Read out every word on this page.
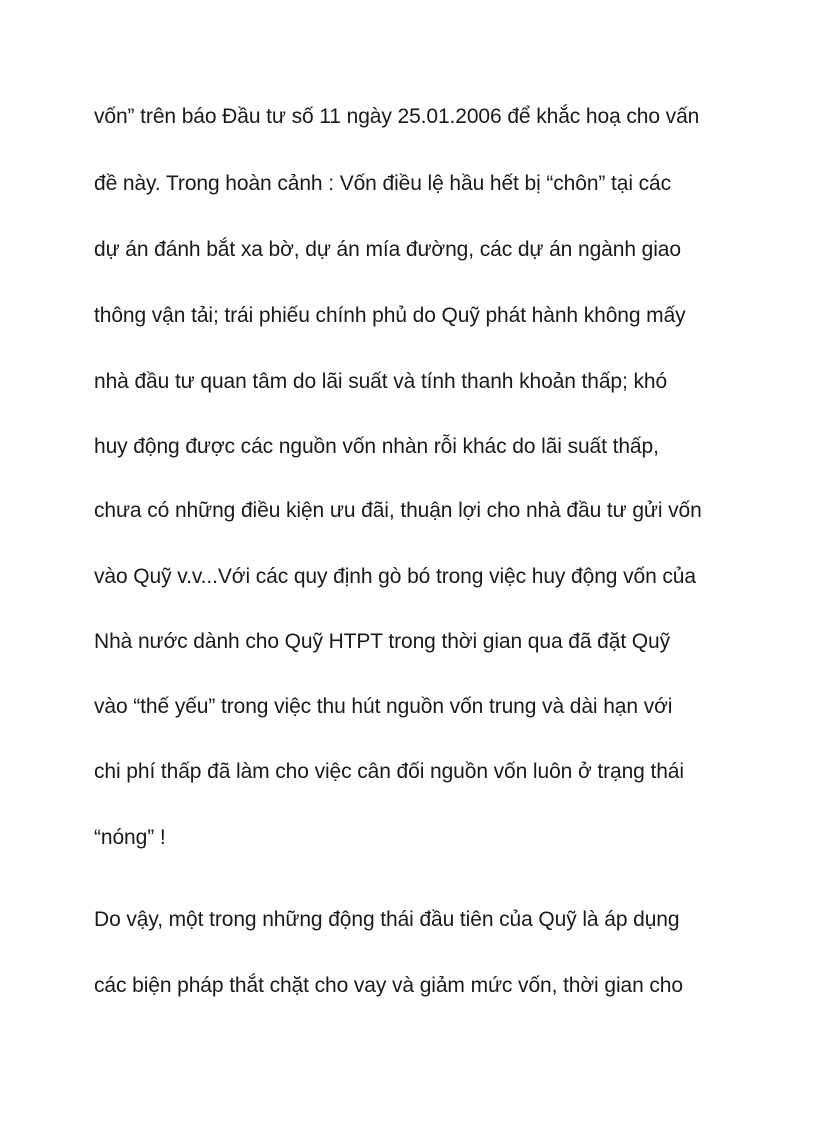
vốn” trên báo Đầu tư số 11 ngày 25.01.2006 để khắc hoạ cho vấn
đề này. Trong hoàn cảnh : Vốn điều lệ hầu hết bị “chôn” tại các
dự án đánh bắt xa bờ, dự án mía đường, các dự án ngành giao
thông vận tải; trái phiếu chính phủ do Quỹ phát hành không mấy
nhà đầu tư quan tâm do lãi suất và tính thanh khoản thấp; khó
huy động được các nguồn vốn nhàn rỗi khác do lãi suất thấp,
chưa có những điều kiện ưu đãi, thuận lợi cho nhà đầu tư gửi vốn
vào Quỹ v.v...Với các quy định gò bó trong việc huy động vốn của
Nhà nước dành cho Quỹ HTPT trong thời gian qua đã đặt Quỹ
vào “thế yếu” trong việc thu hút nguồn vốn trung và dài hạn với
chi phí thấp đã làm cho việc cân đối nguồn vốn luôn ở trạng thái
“nóng” !
Do vậy, một trong những động thái đầu tiên của Quỹ là áp dụng
các biện pháp thắt chặt cho vay và giảm mức vốn, thời gian cho
